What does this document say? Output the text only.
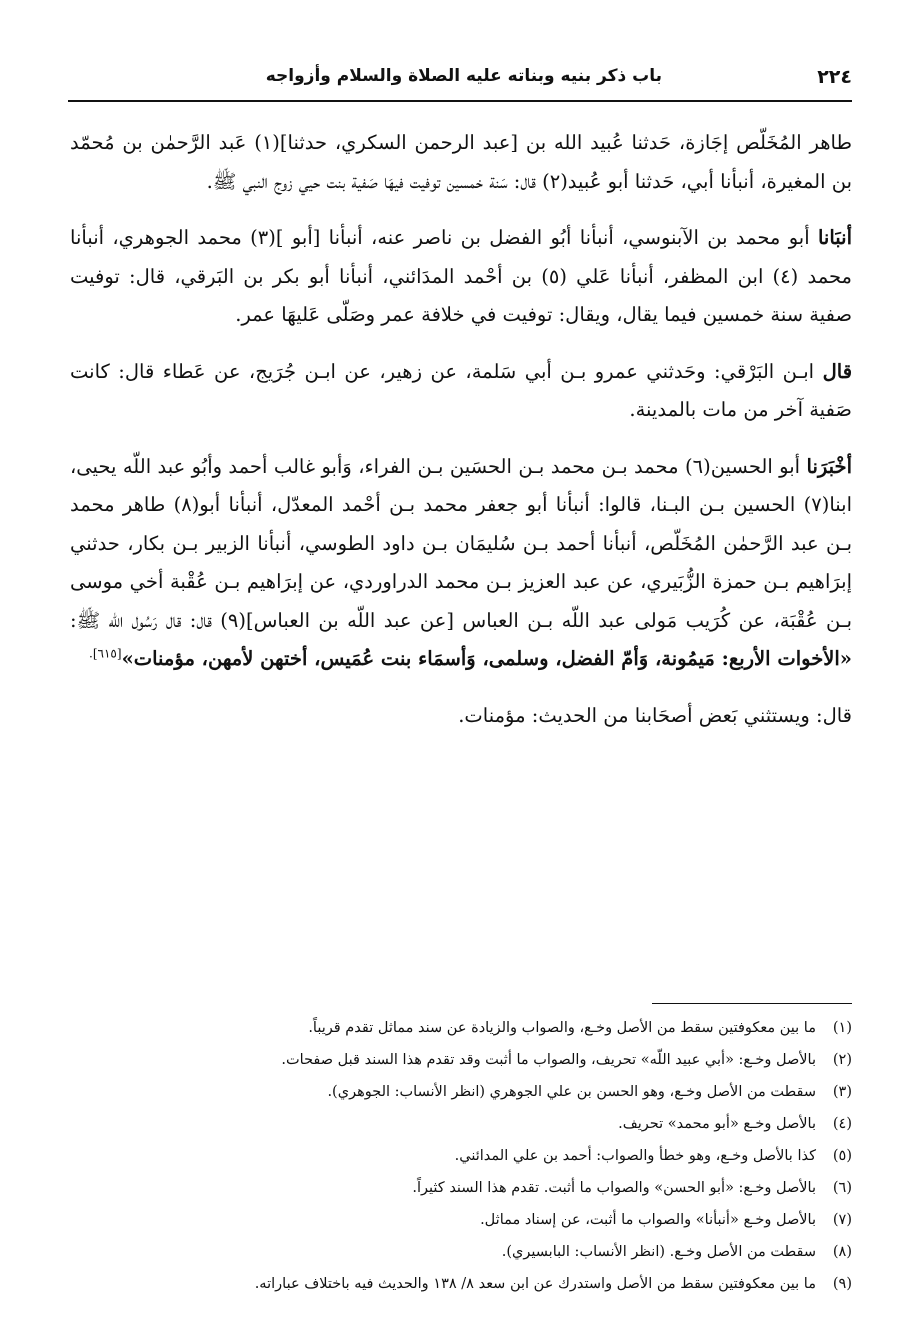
٢٢٤
باب ذكر بنيه وبناته عليه الصلاة والسلام وأزواجه

طاهر المُخَلّص إجَازة، حَدثنا عُبيد الله بن [عبد الرحمن السكري، حدثنا](١) عَبد الرَّحمٰن بن مُحمّد بن المغيرة، أنبأنا أبي، حَدثنا أبو عُبيد(٢) قال: سَنة خمسين توفيت فيهَا صَفية بنت حيي زوج النبي ﷺ.

أنبَانا أبو محمد بن الآبنوسي، أنبأنا أبُو الفضل بن ناصر عنه، أنبأنا [أبو ](٣) محمد الجوهري، أنبأنا محمد (٤) ابن المظفر، أنبأنا عَلي (٥) بن أحْمد المدَائني، أنبأنا أبو بكر بن البَرقي، قال: توفيت صفية سنة خمسين فيما يقال، ويقال: توفيت في خلافة عمر وصَلّى عَليهَا عمر.

قال ابـن البَرْقي: وحَدثني عمرو بـن أبي سَلمة، عن زهير، عن ابـن جُرَيج، عن عَطاء قال: كانت صَفية آخر من مات بالمدينة.

أخْبَرَنا أبو الحسين(٦) محمد بـن محمد بـن الحسَين بـن الفراء، وَأبو غالب أحمد وأبُو عبد اللّه يحيى، ابنا(٧) الحسين بـن البـنا، قالوا: أنبأنا أبو جعفر محمد بـن أحْمد المعدّل، أنبأنا أبو(٨) طاهر محمد بـن عبد الرَّحمٰن المُخَلّص، أنبأنا أحمد بـن سُليمَان بـن داود الطوسي، أنبأنا الزبير بـن بكار، حدثني إبرَاهيم بـن حمزة الزُّبَيري، عن عبد العزيز بـن محمد الدراوردي، عن إبرَاهيم بـن عُقْبة أخي موسى بـن عُقْبَة، عن كُرَيب مَولى عبد اللّه بـن العباس [عن عبد اللّه بن العباس](٩) قال: قال رَسُول الله ﷺ: «الأخوات الأربع: مَيمُونة، وَأمّ الفضل، وسلمى، وَأسمَاء بنت عُمَيس، أختهن لأمهن، مؤمنات»$^{[٦١٥].}$

قال: ويستثني بَعض أصحَابنا من الحديث: مؤمنات.

(١)ما بين معكوفتين سقط من الأصل وخـع، والصواب والزيادة عن سند مماثل تقدم قريباً.
(٢)بالأصل وخـع: «أبي عبيد اللّه» تحريف، والصواب ما أثبت وقد تقدم هذا السند قبل صفحات.
(٣)سقطت من الأصل وخـع، وهو الحسن بن علي الجوهري (انظر الأنساب: الجوهري).
(٤)بالأصل وخـع «أبو محمد» تحريف.
(٥)كذا بالأصل وخـع، وهو خطأ والصواب: أحمد بن علي المدائني.
(٦)بالأصل وخـع: «أبو الحسن» والصواب ما أثبت. تقدم هذا السند كثيراً.
(٧)بالأصل وخـع «أنبأنا» والصواب ما أثبت، عن إسناد مماثل.
(٨)سقطت من الأصل وخـع. (انظر الأنساب: البابسيري).
(٩)ما بين معكوفتين سقط من الأصل واستدرك عن ابن سعد ٨/ ١٣٨ والحديث فيه باختلاف عباراته.
